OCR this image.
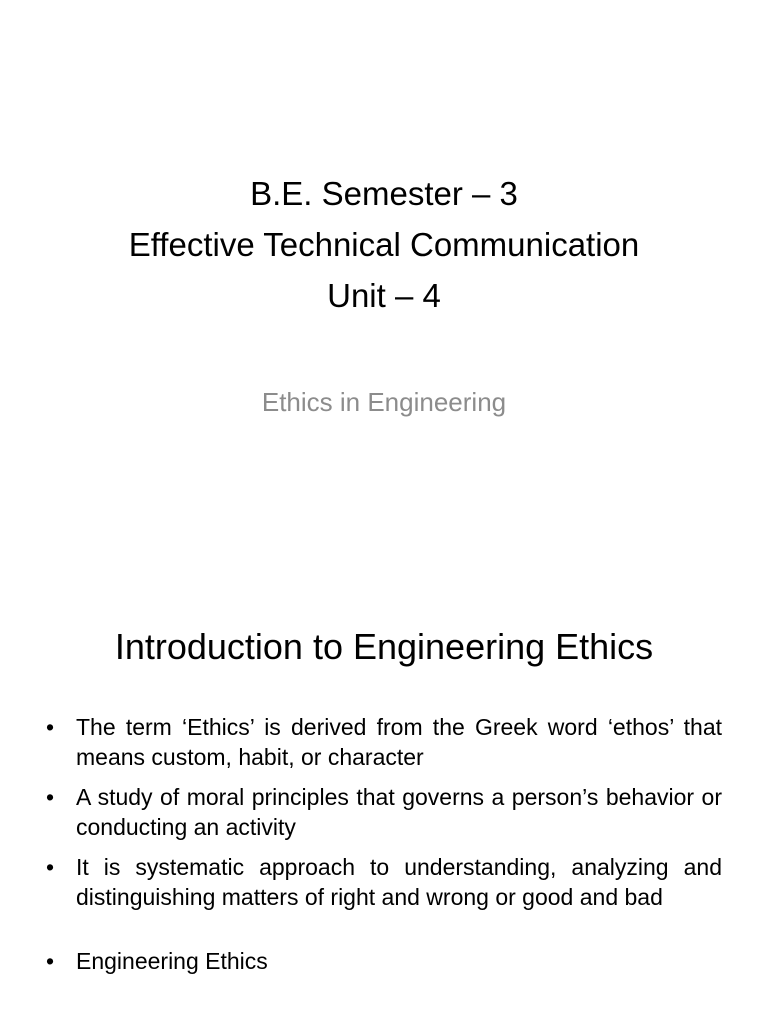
B.E. Semester – 3
Effective Technical Communication
Unit – 4
Ethics in Engineering
Introduction to Engineering Ethics
• The term ‘Ethics’ is derived from the Greek word ‘ethos’ that means custom, habit, or character
• A study of moral principles that governs a person’s behavior or conducting an activity
• It is systematic approach to understanding, analyzing and distinguishing matters of right and wrong or good and bad
• Engineering Ethics
